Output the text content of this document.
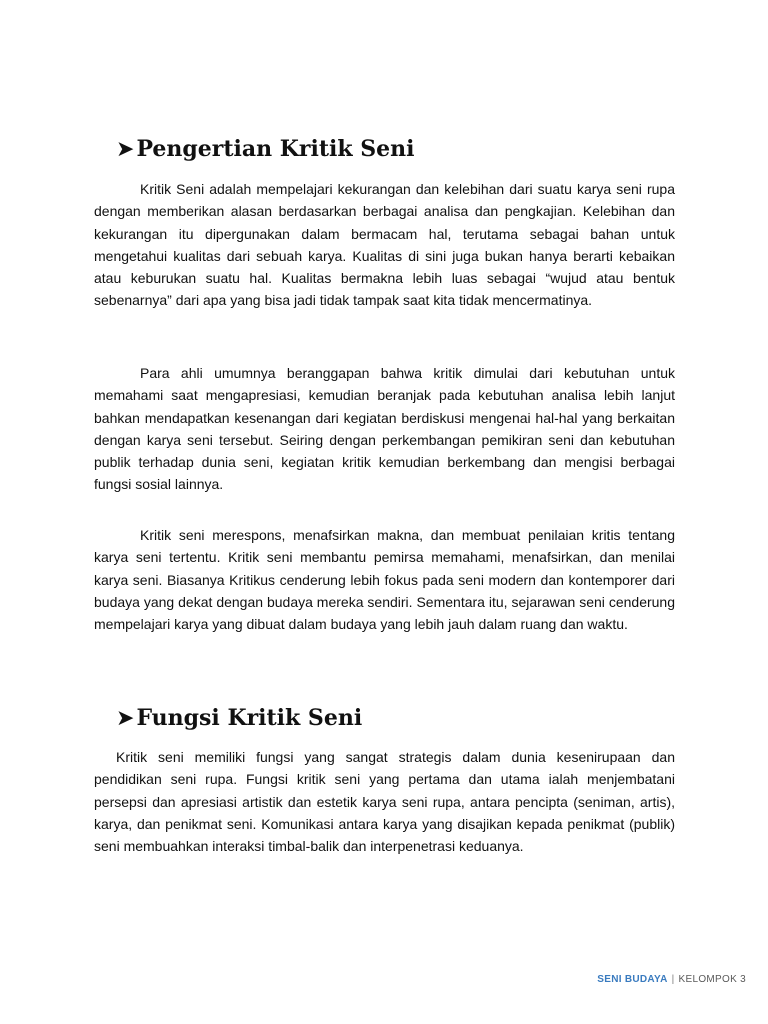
➤Pengertian Kritik Seni

Kritik Seni adalah mempelajari kekurangan dan kelebihan dari suatu karya seni rupa dengan memberikan alasan berdasarkan berbagai analisa dan pengkajian. Kelebihan dan kekurangan itu dipergunakan dalam bermacam hal, terutama sebagai bahan untuk mengetahui kualitas dari sebuah karya. Kualitas di sini juga bukan hanya berarti kebaikan atau keburukan suatu hal. Kualitas bermakna lebih luas sebagai “wujud atau bentuk sebenarnya” dari apa yang bisa jadi tidak tampak saat kita tidak mencermatinya.

Para ahli umumnya beranggapan bahwa kritik dimulai dari kebutuhan untuk memahami saat mengapresiasi, kemudian beranjak pada kebutuhan analisa lebih lanjut bahkan mendapatkan kesenangan dari kegiatan berdiskusi mengenai hal-hal yang berkaitan dengan karya seni tersebut. Seiring dengan perkembangan pemikiran seni dan kebutuhan publik terhadap dunia seni, kegiatan kritik kemudian berkembang dan mengisi berbagai fungsi sosial lainnya.

Kritik seni merespons, menafsirkan makna, dan membuat penilaian kritis tentang karya seni tertentu. Kritik seni membantu pemirsa memahami, menafsirkan, dan menilai karya seni. Biasanya Kritikus cenderung lebih fokus pada seni modern dan kontemporer dari budaya yang dekat dengan budaya mereka sendiri. Sementara itu, sejarawan seni cenderung mempelajari karya yang dibuat dalam budaya yang lebih jauh dalam ruang dan waktu.

➤Fungsi Kritik Seni

Kritik seni memiliki fungsi yang sangat strategis dalam dunia kesenirupaan dan pendidikan seni rupa. Fungsi kritik seni yang pertama dan utama ialah menjembatani persepsi dan apresiasi artistik dan estetik karya seni rupa, antara pencipta (seniman, artis), karya, dan penikmat seni. Komunikasi antara karya yang disajikan kepada penikmat (publik) seni membuahkan interaksi timbal-balik dan interpenetrasi keduanya.

SENI BUDAYA | KELOMPOK 3
